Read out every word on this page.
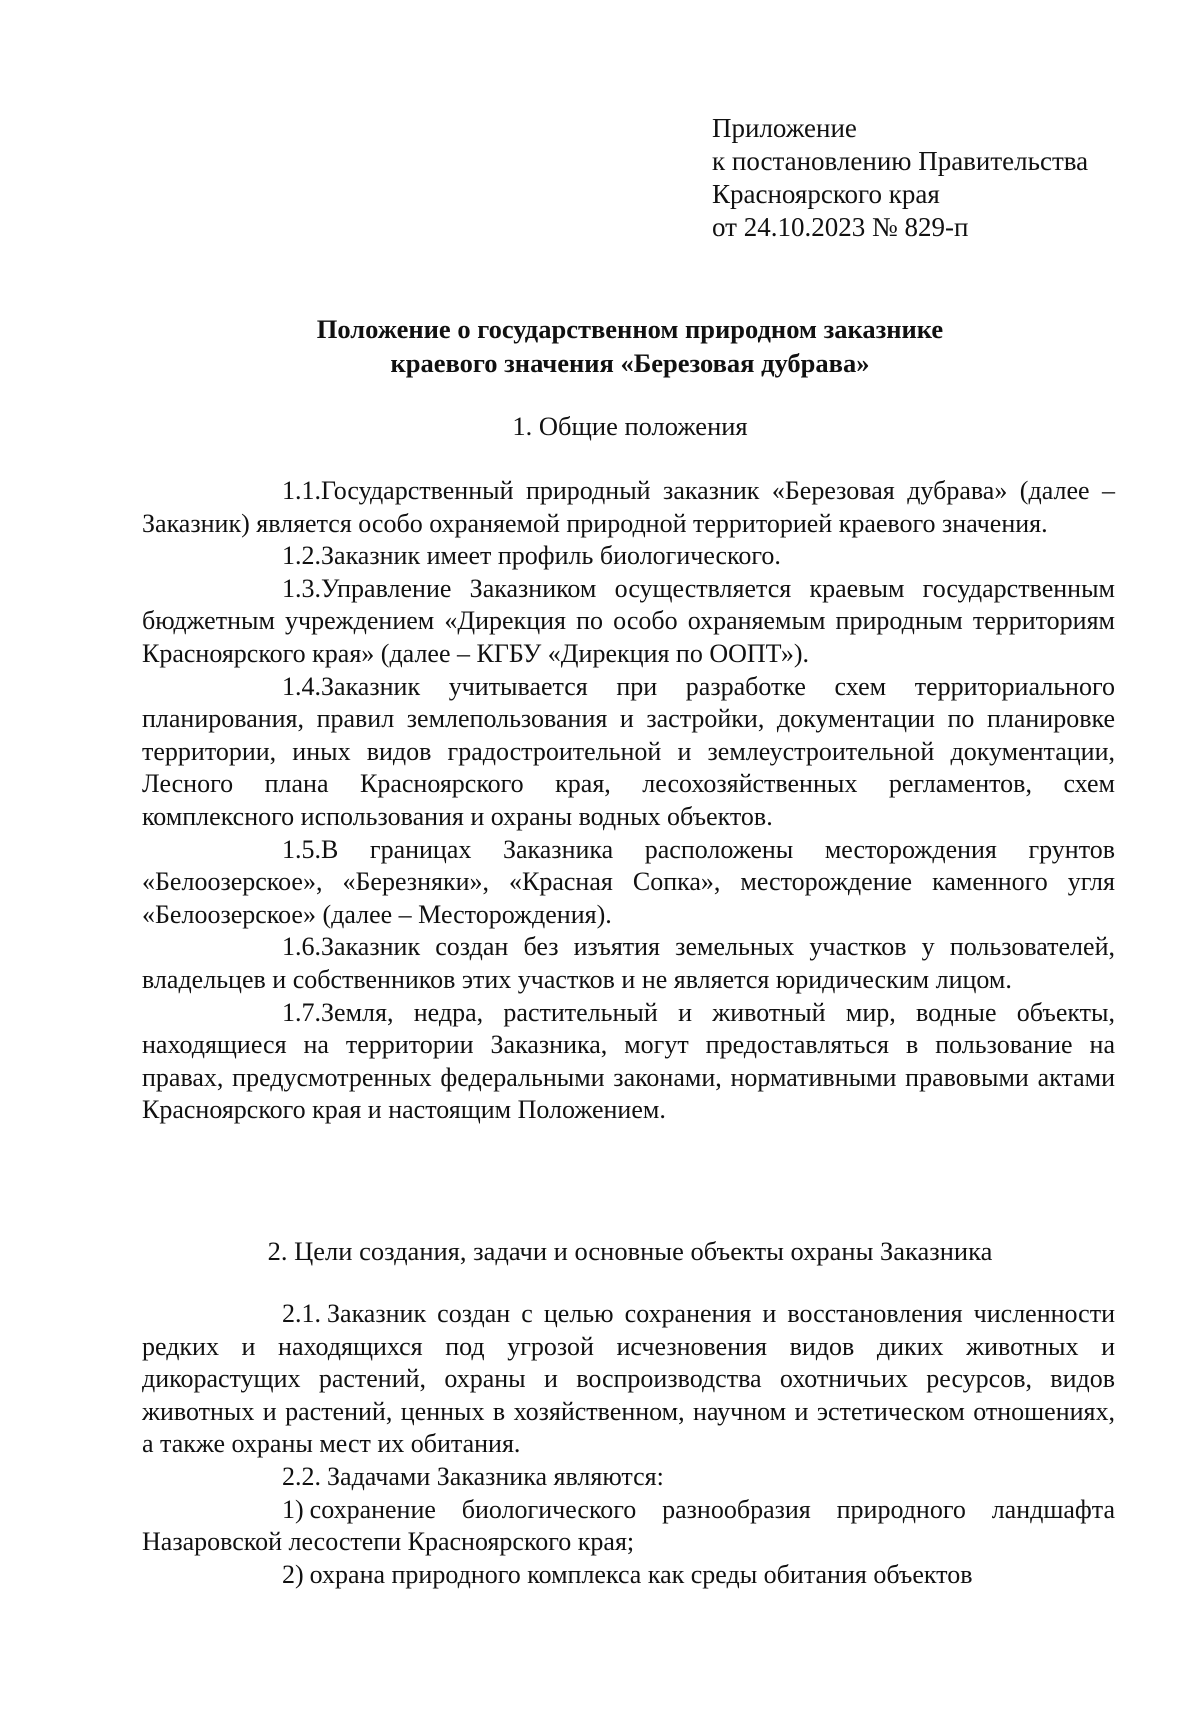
Приложение
к постановлению Правительства
Красноярского края
от 24.10.2023 № 829-п
Положение о государственном природном заказнике
краевого значения «Березовая дубрава»
1. Общие положения

1.1.Государственный природный заказник «Березовая дубрава» (далее – Заказник) является особо охраняемой природной территорией краевого значения.

1.2.Заказник имеет профиль биологического.

1.3.Управление Заказником осуществляется краевым государственным бюджетным учреждением «Дирекция по особо охраняемым природным территориям Красноярского края» (далее – КГБУ «Дирекция по ООПТ»).

1.4.Заказник учитывается при разработке схем территориального планирования, правил землепользования и застройки, документации по планировке территории, иных видов градостроительной и землеустроительной документации, Лесного плана Красноярского края, лесохозяйственных регламентов, схем комплексного использования и охраны водных объектов.

1.5.В границах Заказника расположены месторождения грунтов «Белоозерское», «Березняки», «Красная Сопка», месторождение каменного угля «Белоозерское» (далее – Месторождения).

1.6.Заказник создан без изъятия земельных участков у пользователей, владельцев и собственников этих участков и не является юридическим лицом.

1.7.Земля, недра, растительный и животный мир, водные объекты, находящиеся на территории Заказника, могут предоставляться в пользование на правах, предусмотренных федеральными законами, нормативными правовыми актами Красноярского края и настоящим Положением.

2. Цели создания, задачи и основные объекты охраны Заказника

2.1. Заказник создан с целью сохранения и восстановления численности редких и находящихся под угрозой исчезновения видов диких животных и дикорастущих растений, охраны и воспроизводства охотничьих ресурсов, видов животных и растений, ценных в хозяйственном, научном и эстетическом отношениях, а также охраны мест их обитания.

2.2. Задачами Заказника являются:

1) сохранение биологического разнообразия природного ландшафта Назаровской лесостепи Красноярского края;

2) охрана природного комплекса как среды обитания объектов
